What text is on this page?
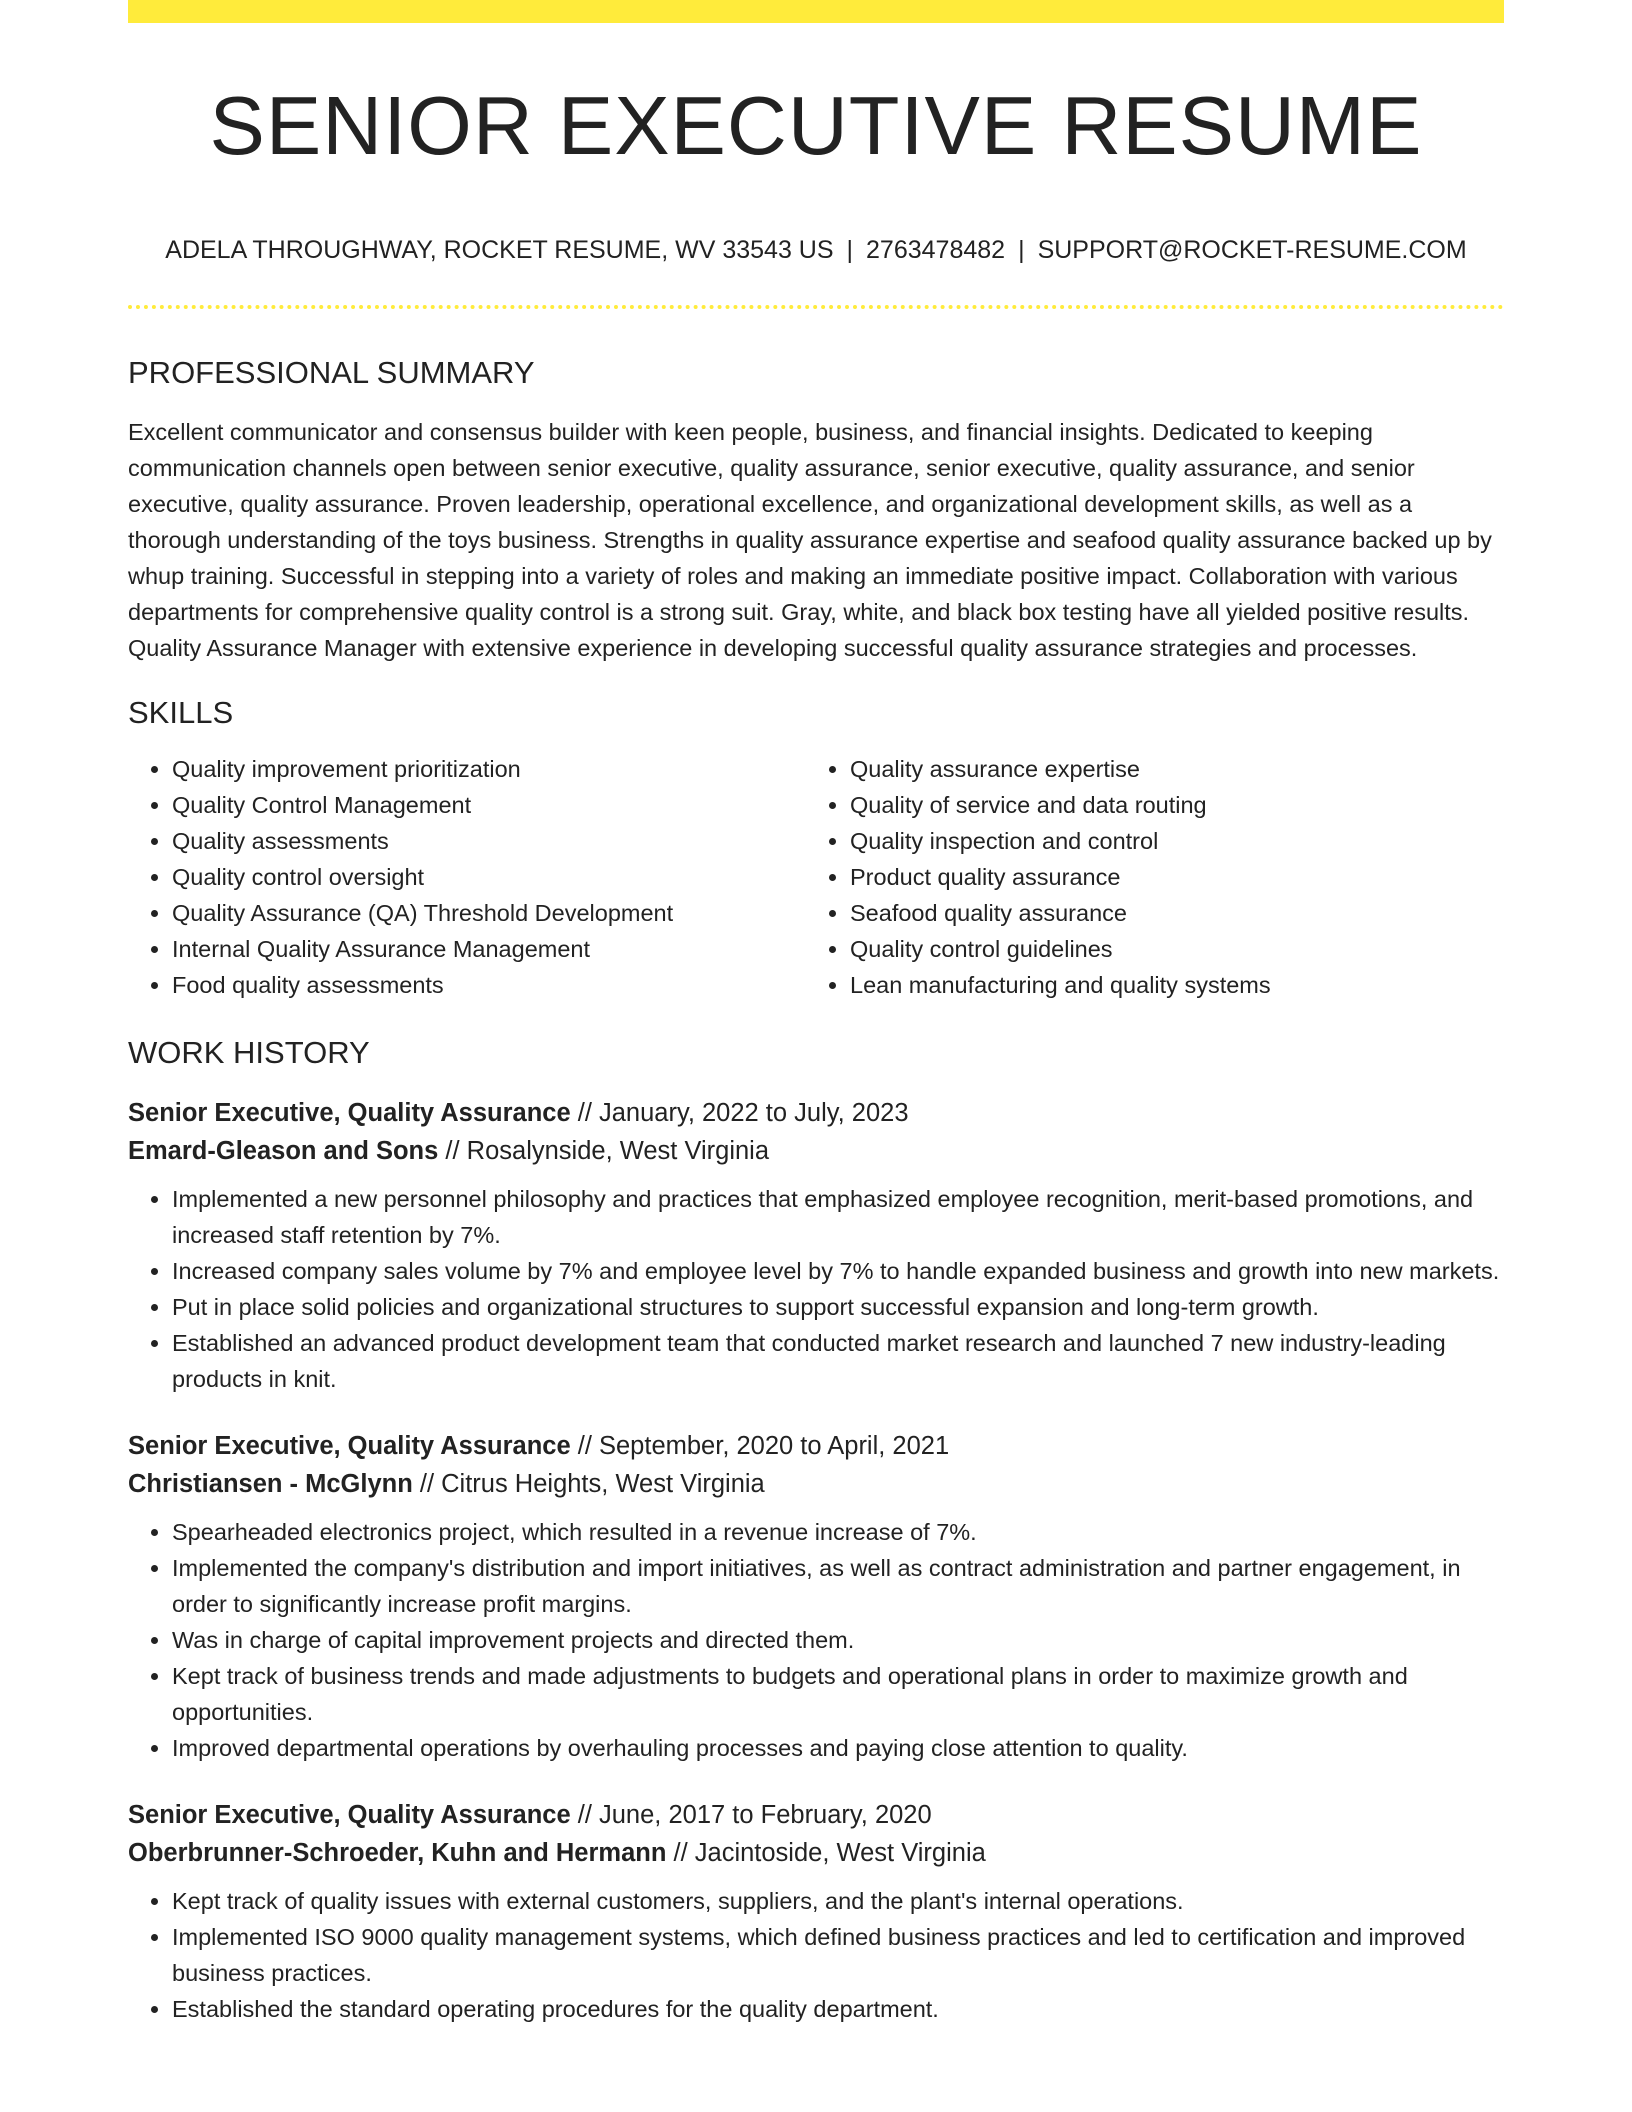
SENIOR EXECUTIVE RESUME
ADELA THROUGHWAY, ROCKET RESUME, WV 33543 US | 2763478482 | SUPPORT@ROCKET-RESUME.COM
PROFESSIONAL SUMMARY

Excellent communicator and consensus builder with keen people, business, and financial insights. Dedicated to keeping communication channels open between senior executive, quality assurance, senior executive, quality assurance, and senior executive, quality assurance. Proven leadership, operational excellence, and organizational development skills, as well as a thorough understanding of the toys business. Strengths in quality assurance expertise and seafood quality assurance backed up by whup training. Successful in stepping into a variety of roles and making an immediate positive impact. Collaboration with various departments for comprehensive quality control is a strong suit. Gray, white, and black box testing have all yielded positive results. Quality Assurance Manager with extensive experience in developing successful quality assurance strategies and processes.

SKILLS
• Quality improvement prioritization
• Quality Control Management
• Quality assessments
• Quality control oversight
• Quality Assurance (QA) Threshold Development
• Internal Quality Assurance Management
• Food quality assessments
• Quality assurance expertise
• Quality of service and data routing
• Quality inspection and control
• Product quality assurance
• Seafood quality assurance
• Quality control guidelines
• Lean manufacturing and quality systems
WORK HISTORY
Senior Executive, Quality Assurance // January, 2022 to July, 2023
Emard-Gleason and Sons // Rosalynside, West Virginia
• Implemented a new personnel philosophy and practices that emphasized employee recognition, merit-based promotions, and increased staff retention by 7%.
• Increased company sales volume by 7% and employee level by 7% to handle expanded business and growth into new markets.
• Put in place solid policies and organizational structures to support successful expansion and long-term growth.
• Established an advanced product development team that conducted market research and launched 7 new industry-leading products in knit.
Senior Executive, Quality Assurance // September, 2020 to April, 2021
Christiansen - McGlynn // Citrus Heights, West Virginia
• Spearheaded electronics project, which resulted in a revenue increase of 7%.
• Implemented the company's distribution and import initiatives, as well as contract administration and partner engagement, in order to significantly increase profit margins.
• Was in charge of capital improvement projects and directed them.
• Kept track of business trends and made adjustments to budgets and operational plans in order to maximize growth and opportunities.
• Improved departmental operations by overhauling processes and paying close attention to quality.
Senior Executive, Quality Assurance // June, 2017 to February, 2020
Oberbrunner-Schroeder, Kuhn and Hermann // Jacintoside, West Virginia
• Kept track of quality issues with external customers, suppliers, and the plant's internal operations.
• Implemented ISO 9000 quality management systems, which defined business practices and led to certification and improved business practices.
• Established the standard operating procedures for the quality department.
